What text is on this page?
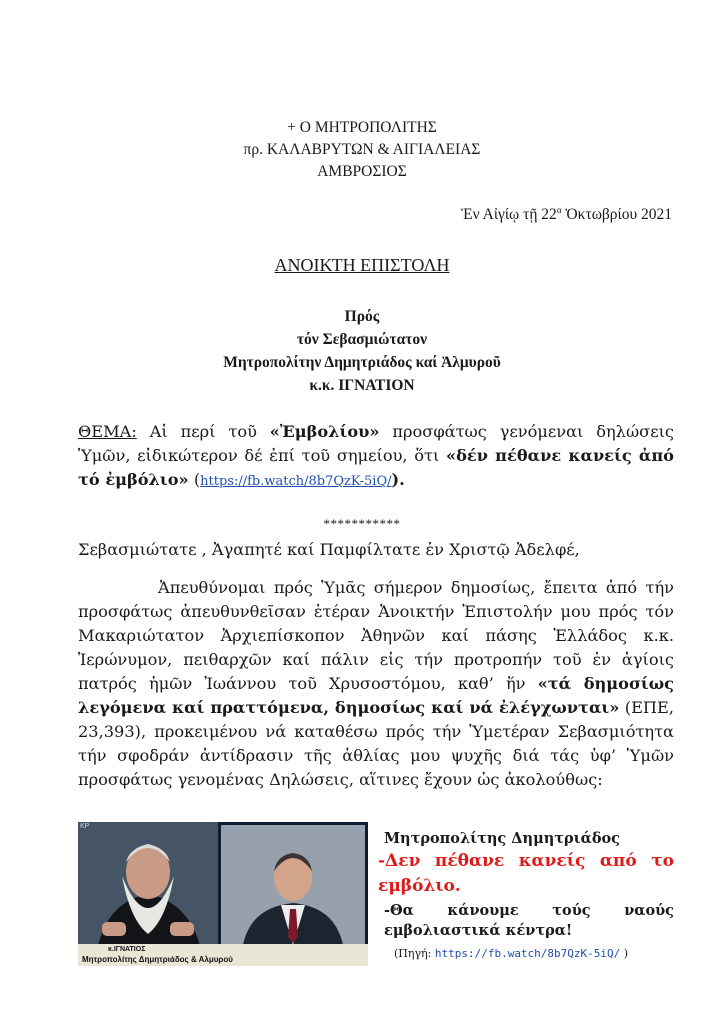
+ Ο ΜΗΤΡΟΠΟΛΙΤΗΣ
πρ. ΚΑΛΑΒΡΥΤΩΝ & ΑΙΓΙΑΛΕΙΑΣ
ΑΜΒΡΟΣΙΟΣ
Ἐν Αἰγίῳ τῇ $22^\alpha$ Ὀκτωβρίου 2021
ΑΝΟΙΚΤΗ ΕΠΙΣΤΟΛΗ
Πρός
τόν Σεβασμιώτατον
Μητροπολίτην Δημητριάδος καί Ἁλμυροῦ
κ.κ. ΙΓΝΑΤΙΟΝ
ΘΕΜΑ: Αἱ περί τοῦ «Ἐμβολίου» προσφάτως γενόμεναι δηλώσεις Ὑμῶν, εἰδικώτερον δέ ἐπί τοῦ σημείου, ὅτι «δέν πέθανε κανείς ἀπό τό ἐμβόλιο» (https://fb.watch/8b7QzK-5iQ/).
***********
Σεβασμιώτατε , Ἀγαπητέ καί Παμφίλτατε ἐν Χριστῷ Ἀδελφέ,
Ἀπευθύνομαι πρός Ὑμᾶς σήμερον δημοσίως, ἔπειτα ἀπό τήν προσφάτως ἀπευθυνθεῖσαν ἑτέραν Ἀνοικτήν Ἐπιστολήν μου πρός τόν Μακαριώτατον Ἀρχιεπίσκοπον Ἀθηνῶν καί πάσης Ἑλλάδος κ.κ. Ἱερώνυμον, πειθαρχῶν καί πάλιν εἰς τήν προτροπήν τοῦ ἐν ἁγίοις πατρός ἡμῶν Ἰωάννου τοῦ Χρυσοστόμου, καθ’ ἥν «τά δημοσίως λεγόμενα καί πραττόμενα, δημοσίως καί νά ἐλέγχωνται» (ΕΠΕ, 23,393), προκειμένου νά καταθέσω πρός τήν Ὑμετέραν Σεβασμιότητα τήν σφοδράν ἀντίδρασιν τῆς ἀθλίας μου ψυχῆς διά τάς ὑφ’ Ὑμῶν προσφάτως γενομένας Δηλώσεις, αἵτινες ἔχουν ὡς ἀκολούθως:
ΚΡ
κ.ΙΓΝΑΤΙΟΣ
Μητροπολίτης Δημητριάδος & Αλμυρού
Μητροπολίτης Δημητριάδος
-Δεν πέθανε κανείς από το εμβόλιο.
-Θα κάνουμε τούς ναούς εμβολιαστικά κέντρα!
(Πηγή: https://fb.watch/8b7QzK-5iQ/ )
